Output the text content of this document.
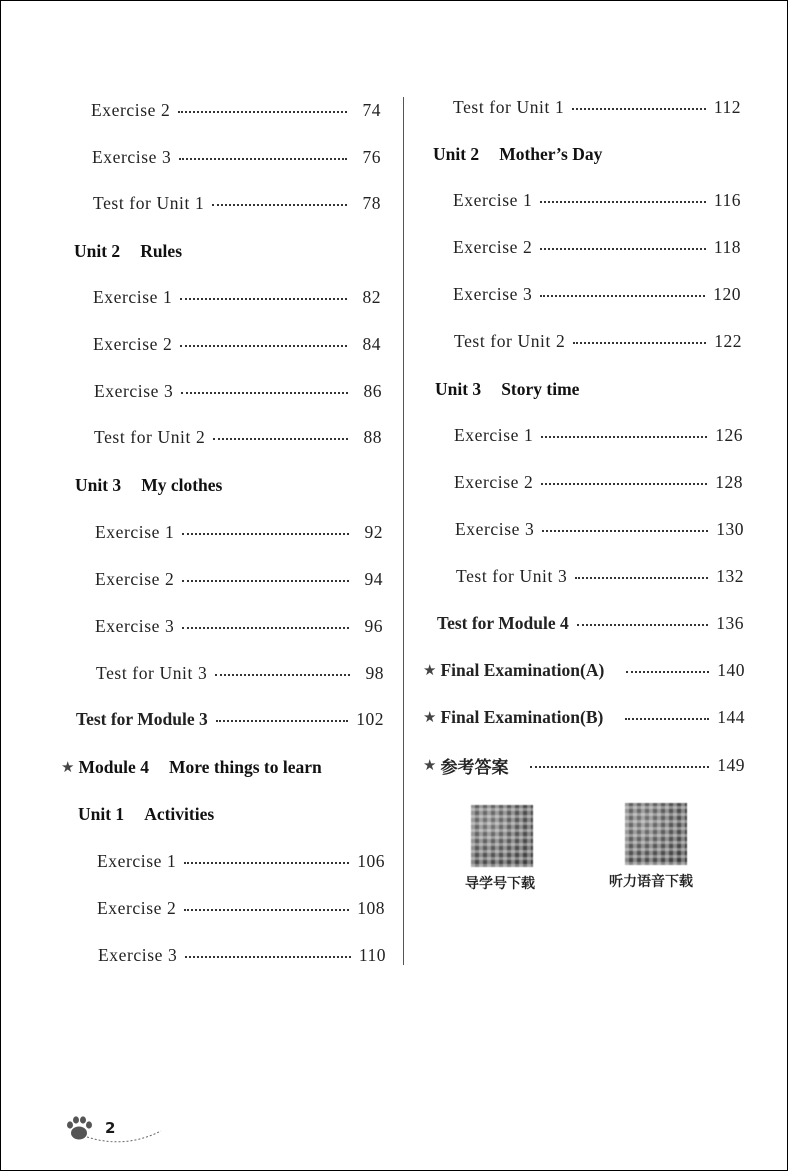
Exercise 2	74
Exercise 3	76
Test for Unit 1	78
Unit 2 Rules
Exercise 1	82
Exercise 2	84
Exercise 3	86
Test for Unit 2	88
Unit 3 My clothes
Exercise 1	92
Exercise 2	94
Exercise 3	96
Test for Unit 3	98
Test for Module 3	102
★ Module 4 More things to learn
Unit 1 Activities
Exercise 1	106
Exercise 2	108
Exercise 3	110
Test for Unit 1	112
Unit 2 Mother’s Day
Exercise 1	116
Exercise 2	118
Exercise 3	120
Test for Unit 2	122
Unit 3 Story time
Exercise 1	126
Exercise 2	128
Exercise 3	130
Test for Unit 3	132
Test for Module 4	136
★ Final Examination(A)	140
★ Final Examination(B)	144
★ 参考答案	149
导学号下载	听力语音下载
2
